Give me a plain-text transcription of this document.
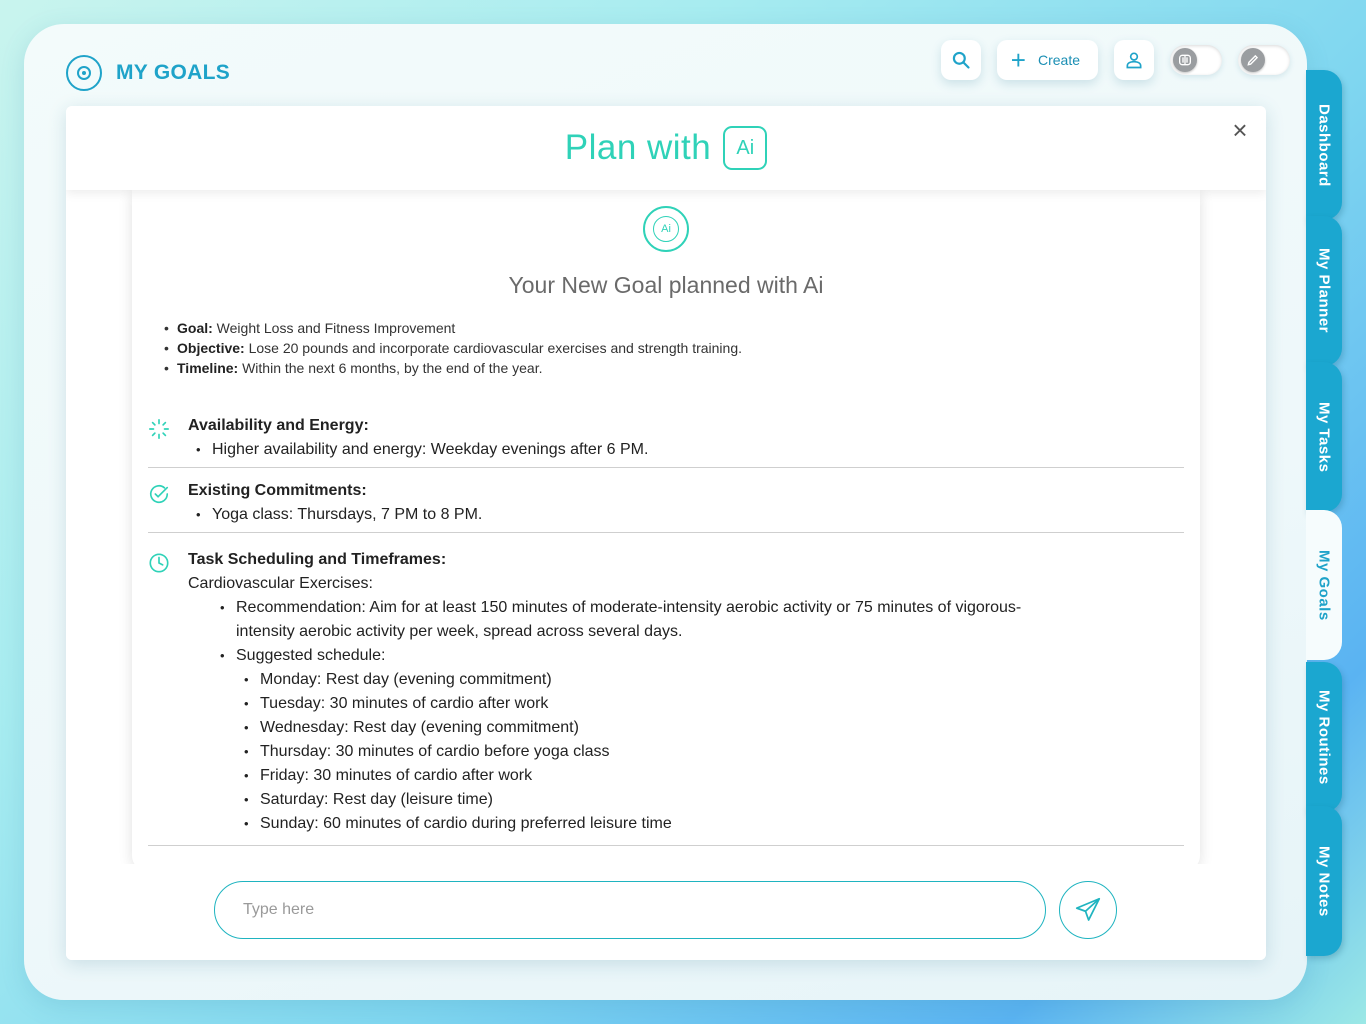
MY GOALS	+ Create
Dashboard
My Planner
My Tasks
My Routines
My Notes
My Goals
Plan with	Ai
×
Ai
Your New Goal planned with Ai
• Goal: Weight Loss and Fitness Improvement
• Objective: Lose 20 pounds and incorporate cardiovascular exercises and strength training.
• Timeline: Within the next 6 months, by the end of the year.
Availability and Energy:
• Higher availability and energy: Weekday evenings after 6 PM.
Existing Commitments:
• Yoga class: Thursdays, 7 PM to 8 PM.
Task Scheduling and Timeframes:
Cardiovascular Exercises:
• Recommendation: Aim for at least 150 minutes of moderate-intensity aerobic activity or 75 minutes of vigorous-intensity aerobic activity per week, spread across several days.
• Suggested schedule:
• Monday: Rest day (evening commitment)
• Tuesday: 30 minutes of cardio after work
• Wednesday: Rest day (evening commitment)
• Thursday: 30 minutes of cardio before yoga class
• Friday: 30 minutes of cardio after work
• Saturday: Rest day (leisure time)
• Sunday: 60 minutes of cardio during preferred leisure time
Type here
